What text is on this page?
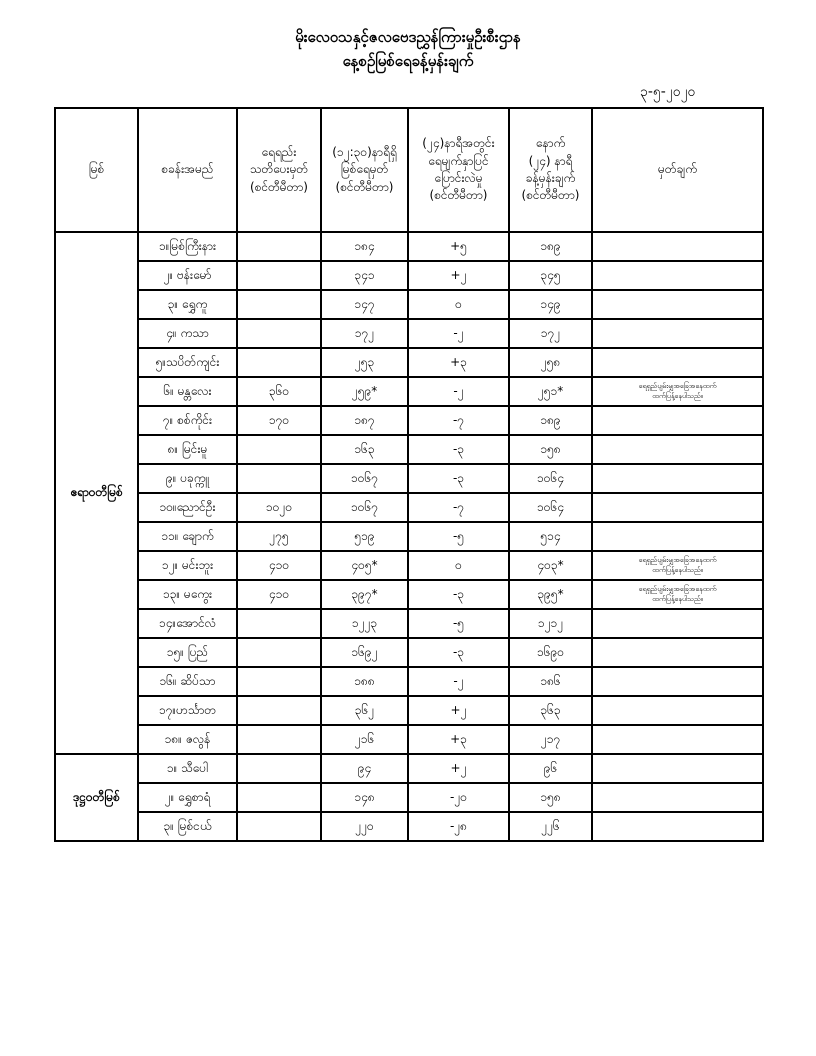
မိုးလေဝသနှင့်ဇလဗေဒညွှန်ကြားမှုဦးစီးဌာန
နေ့စဉ်မြစ်ရေခန့်မှန်းချက်
၃-၅-၂၀၂၀
မြစ်	စခန်းအမည်	ရေရည်း
သတိပေးမှတ်
(စင်တီမီတာ)	(၁၂:၃၀)နာရီရှိ
မြစ်ရေမှတ်
(စင်တီမီတာ)	(၂၄)နာရီအတွင်း
ရေမျက်နှာပြင်
ပြောင်းလဲမှု
(စင်တီမီတာ)	နောက်
(၂၄) နာရီ
ခန့်မှန်းချက်
(စင်တီမီတာ)	မှတ်ချက်
ဧရာဝတီမြစ်	၁။မြစ်ကြီးနား		၁၈၄	+၅	၁၈၉	

	၂။ ဗန်းမော်		၃၄၁	+၂	၃၄၅	

	၃။ ရွှေကူ		၁၄၇	၀	၁၄၉	

	၄။ ကသာ		၁၇၂	-၂	၁၇၂	

	၅။သပိတ်ကျင်း		၂၅၃	+၃	၂၅၈	

	၆။ မန္တလေး	၃၆၀	၂၅၉*	-၂	၂၅၁*	ရေရှည်ပျမ်းမျှအခြေအနေထက်
ထက်ပြန့်နေပါသည်။

	၇။ စစ်ကိုင်း	၁၇၀	၁၈၇	-၇	၁၈၉	

	၈။ မြင်းမူ		၁၆၃	-၃	၁၅၈	

	၉။ ပခုက္ကူ		၁၀၆၇	-၃	၁၀၆၄	

	၁၀။ညောင်ဦး	၁၀၂၀	၁၀၆၇	-၇	၁၀၆၄	

	၁၁။ ချောက်	၂၇၅	၅၁၉	-၅	၅၁၄	

	၁၂။ မင်းဘူး	၄၁၀	၄၀၅*	၀	၄၀၃*	ရေရှည်ပျမ်းမျှအခြေအနေထက်
ထက်ပြန့်နေပါသည်။

	၁၃။ မကွေး	၄၁၀	၃၉၇*	-၃	၃၉၅*	ရေရှည်ပျမ်းမျှအခြေအနေထက်
ထက်ပြန့်နေပါသည်။

	၁၄။အောင်လံ		၁၂၂၃	-၅	၁၂၁၂	

	၁၅။ ပြည်		၁၆၉၂	-၃	၁၆၉၀	

	၁၆။ ဆိပ်သာ		၁၈၈	-၂	၁၈၆	

	၁၇။ဟင်္သာတ		၃၆၂	+၂	၃၆၃	

	၁၈။ ဇလွန်		၂၁၆	+၃	၂၁၇	

ဒုဋ္ဌဝတီမြစ်	၁။ သီပေါ		၉၄	+၂	၉၆	

	၂။ ရွှေစာရံ		၁၄၈	-၂၀	၁၅၈	

	၃။ မြစ်ငယ်		၂၂၀	-၂၈	၂၂၆	
